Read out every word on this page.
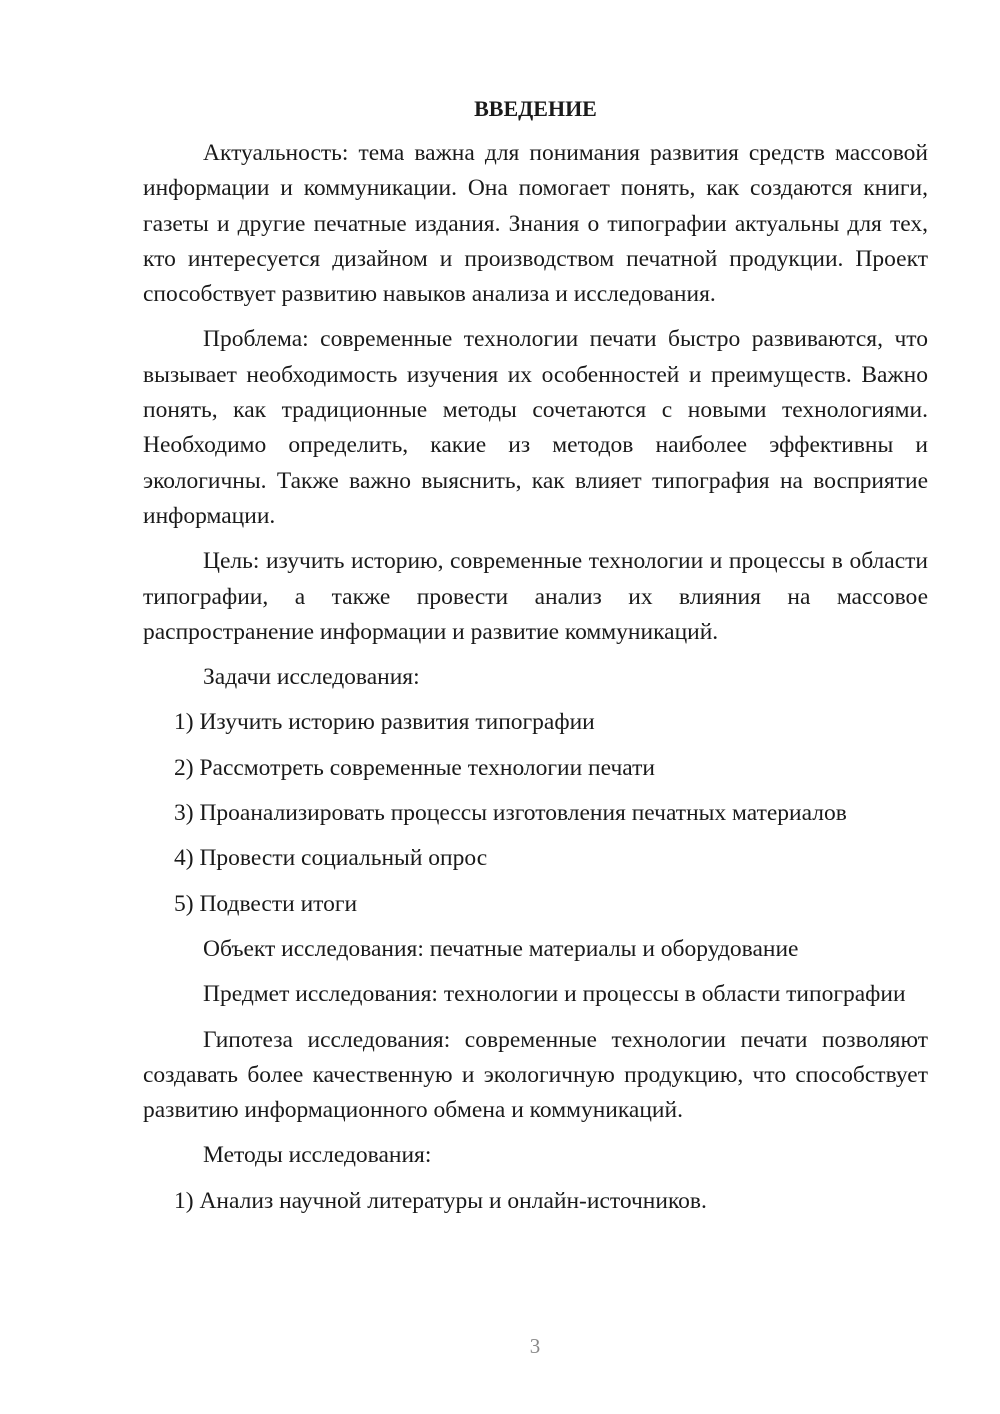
ВВЕДЕНИЕ

Актуальность: тема важна для понимания развития средств массовой информации и коммуникации. Она помогает понять, как создаются книги, газеты и другие печатные издания. Знания о типографии актуальны для тех, кто интересуется дизайном и производством печатной продукции. Проект способствует развитию навыков анализа и исследования.

Проблема: современные технологии печати быстро развиваются, что вызывает необходимость изучения их особенностей и преимуществ. Важно понять, как традиционные методы сочетаются с новыми технологиями. Необходимо определить, какие из методов наиболее эффективны и экологичны. Также важно выяснить, как влияет типография на восприятие информации.

Цель: изучить историю, современные технологии и процессы в области типографии, а также провести анализ их влияния на массовое распространение информации и развитие коммуникаций.

Задачи исследования:

1) Изучить историю развития типографии

2) Рассмотреть современные технологии печати

3) Проанализировать процессы изготовления печатных материалов

4) Провести социальный опрос

5) Подвести итоги

Объект исследования: печатные материалы и оборудование

Предмет исследования: технологии и процессы в области типографии

Гипотеза исследования: современные технологии печати позволяют создавать более качественную и экологичную продукцию, что способствует развитию информационного обмена и коммуникаций.

Методы исследования:

1) Анализ научной литературы и онлайн-источников.

3
